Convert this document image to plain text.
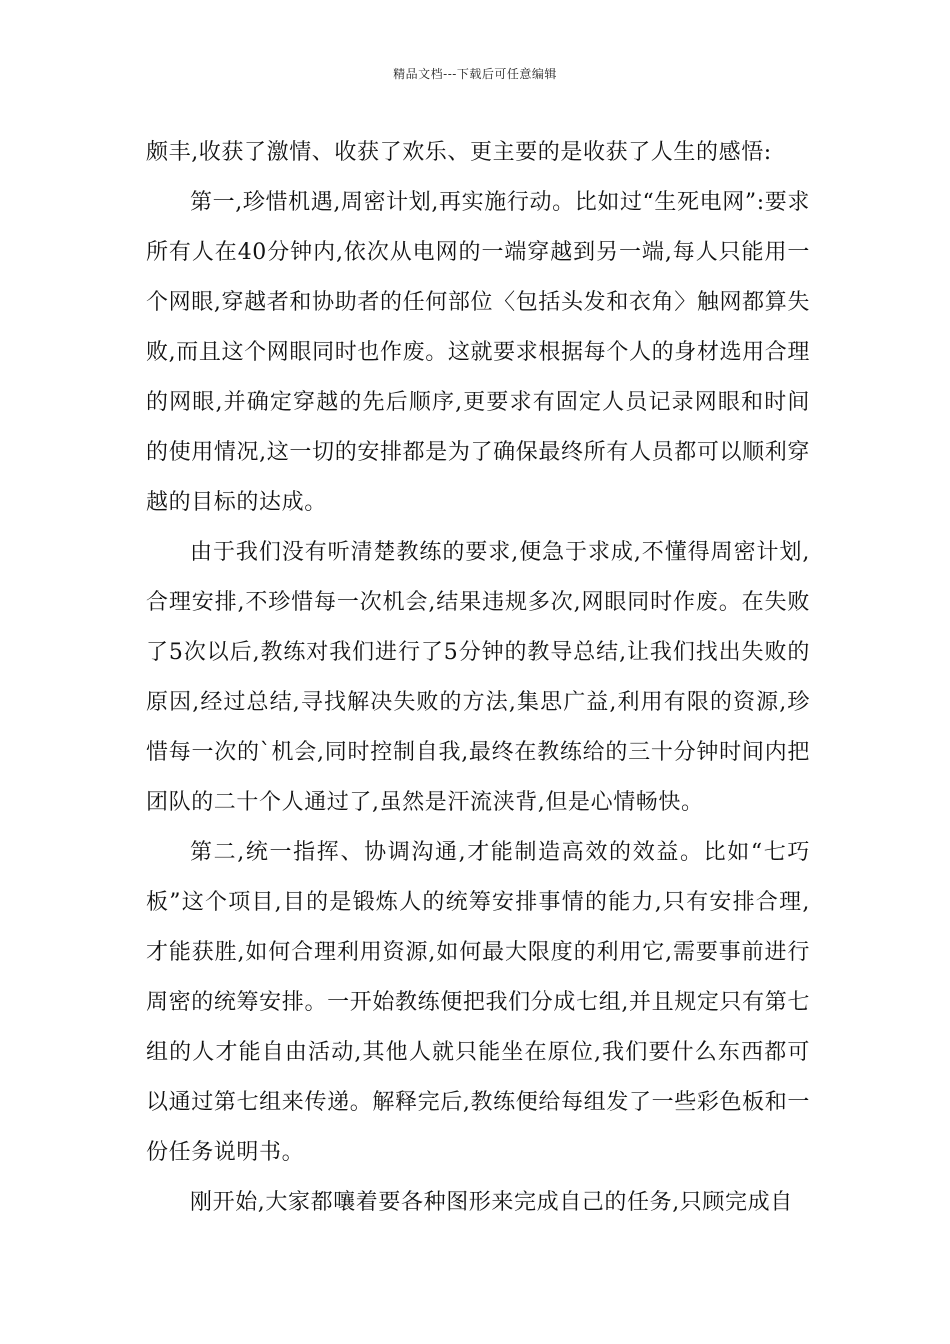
精品文档---下载后可任意编辑

颇丰,收获了激情、收获了欢乐、更主要的是收获了人生的感悟:

第一,珍惜机遇,周密计划,再实施行动。比如过“生死电网”:要求所有人在40分钟内,依次从电网的一端穿越到另一端,每人只能用一个网眼,穿越者和协助者的任何部位〈包括头发和衣角〉触网都算失败,而且这个网眼同时也作废。这就要求根据每个人的身材选用合理的网眼,并确定穿越的先后顺序,更要求有固定人员记录网眼和时间的使用情况,这一切的安排都是为了确保最终所有人员都可以顺利穿越的目标的达成。

由于我们没有听清楚教练的要求,便急于求成,不懂得周密计划,合理安排,不珍惜每一次机会,结果违规多次,网眼同时作废。在失败了5次以后,教练对我们进行了5分钟的教导总结,让我们找出失败的原因,经过总结,寻找解决失败的方法,集思广益,利用有限的资源,珍惜每一次的`机会,同时控制自我,最终在教练给的三十分钟时间内把团队的二十个人通过了,虽然是汗流浃背,但是心情畅快。

第二,统一指挥、协调沟通,才能制造高效的效益。比如“七巧板”这个项目,目的是锻炼人的统筹安排事情的能力,只有安排合理,才能获胜,如何合理利用资源,如何最大限度的利用它,需要事前进行周密的统筹安排。一开始教练便把我们分成七组,并且规定只有第七组的人才能自由活动,其他人就只能坐在原位,我们要什么东西都可以通过第七组来传递。解释完后,教练便给每组发了一些彩色板和一份任务说明书。

刚开始,大家都嚷着要各种图形来完成自己的任务,只顾完成自
